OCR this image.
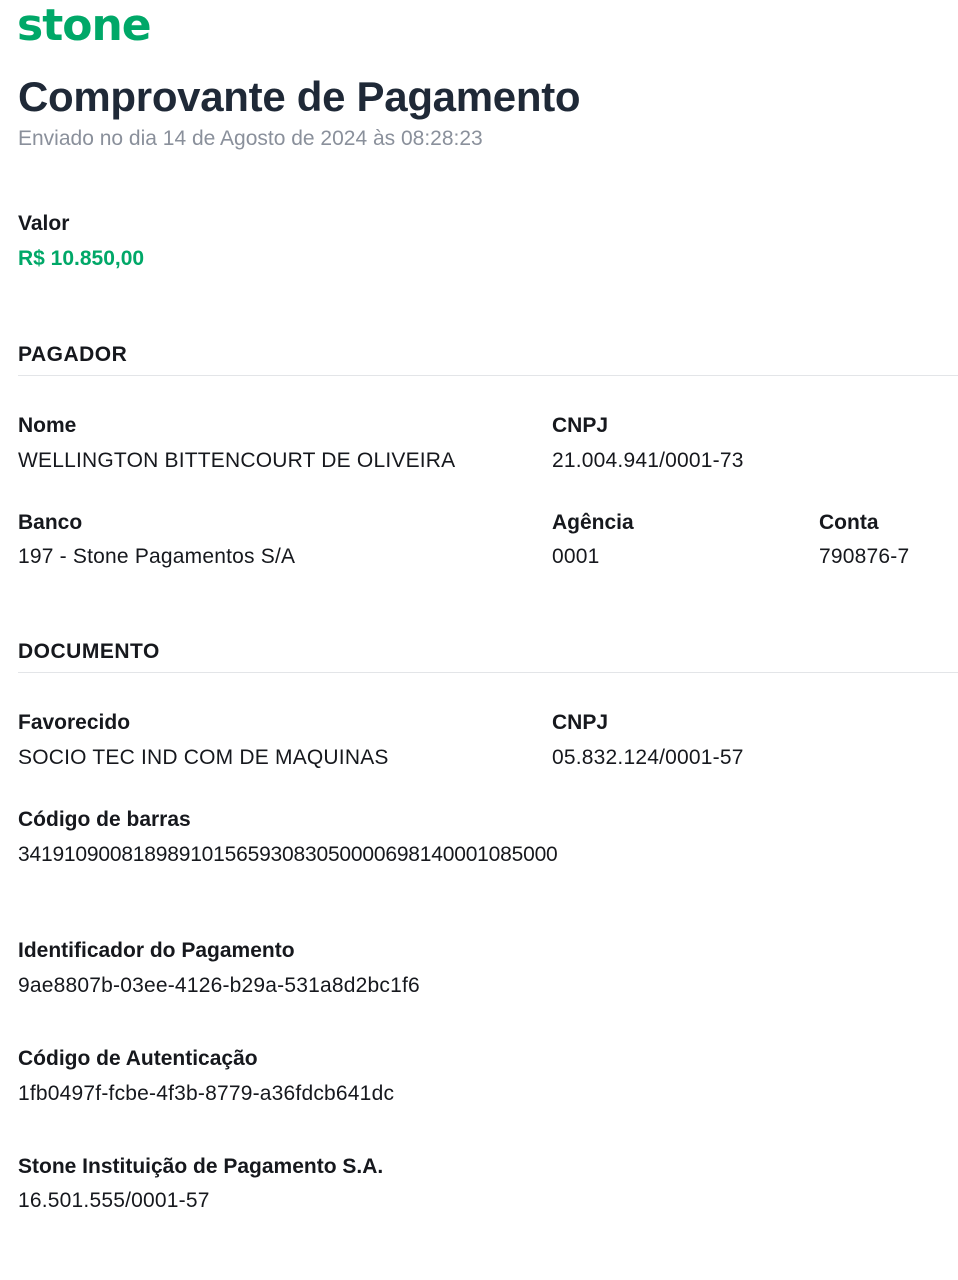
stone
Comprovante de Pagamento
Enviado no dia 14 de Agosto de 2024 às 08:28:23
Valor
R$ 10.850,00
PAGADOR
Nome
WELLINGTON BITTENCOURT DE OLIVEIRA
CNPJ
21.004.941/0001-73
Banco
197 - Stone Pagamentos S/A
Agência
0001
Conta
790876-7
DOCUMENTO
Favorecido
SOCIO TEC IND COM DE MAQUINAS
CNPJ
05.832.124/0001-57
Código de barras
34191090081898910156593083050000698140001085000
Identificador do Pagamento
9ae8807b-03ee-4126-b29a-531a8d2bc1f6
Código de Autenticação
1fb0497f-fcbe-4f3b-8779-a36fdcb641dc
Stone Instituição de Pagamento S.A.
16.501.555/0001-57
